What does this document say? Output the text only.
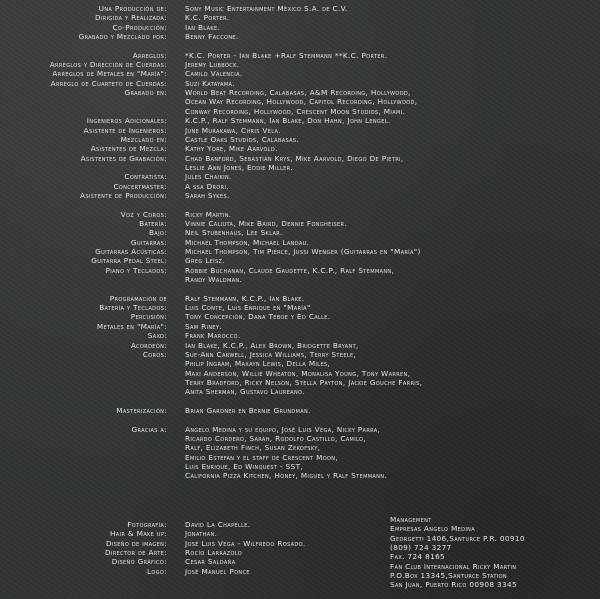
Una Producción de:	Sony Music Entertainment México S.A. de C.V.
Dirigida y Realizada:	K.C. Porter.
Co-Producción:	Ian Blake.
Grabado y Mezclado por:	Benny Faccone.
Arreglos:	*K.C. Porter - Ian Blake +Ralf Stemmann **K.C. Porter.
Arreglos y Dirección de Cuerdas:	Jeremy Lubbock.
Arreglos de Metales en "María":	Camilo Valencia.
Arreglo de Cuarteto de Cuerdas:	Suzi Katayama.
Grabado en:	World Beat Recording, Calabasas, A&M Recording, Hollywood,
Ocean Way Recording, Hollywood, Capitol Recording, Hollywood,
Conway Recording, Hollywood, Crescent Moon Studios, Miami.
Ingenieros Adicionales:	K.C.P., Ralf Stemmann, Ian Blake, Don Hahn, John Lengel.
Asistente de Ingenieros:	June Murakawa, Chris Vela.
Mezclado en:	Castle Oaks Studios, Calabasas.
Asistentes de Mezcla:	Kathy Yore, Mike Aarvold.
Asistentes de Grabación:	Chad Banford, Sebastián Krys, Mike Aarvold, Diego De Pietri,
Leslie Ann Jones, Eddie Miller.
Contratista:	Jules Chaikin.
Concertmaster:	A ssa Drori.
Asistente de Producción:	Sarah Sykes.
Voz y Coros:	Ricky Martin.
Batería:	Vinnie Caliuta, Mike Baird, Dennie Fongheiser.
Bajo:	Neil Stubenhaus, Lee Sklar.
Guitarras:	Michael Thompson, Michael Landau.
Guitarras Acústicas:	Michael Thompson, Tim Pierce, Jussi Wenger (Guitarras en "María")
Guitarra Pedal Steel:	Greg Leisz.
Piano y Teclados:	Robbie Buchanan, Claude Gaudette, K.C.P., Ralf Stemmann,
Randy Waldman.
Programación de	Ralf Stemmann, K.C.P., Ian Blake.
Batería y Teclados:	Luis Conte, Luis Enrique en "María"
Percusión:	Tony Concepción, Dana Teboe y Ed Calle.
Metales en "María":	Sam Riney.
Saxo:	Frank Marocco.
Acordeón:	Ian Blake, K.C.P., Alex Brown, Bridgette Bryant,
Coros:	Sue-Ann Carwell, Jessica Williams, Terry Steele,
Philip Ingram, Maxayn Lewis, Della Miles,
Maxi Anderson, Willie Wheaton, Monalisa Young, Tony Warren,
Terry Bradford, Ricky Nelson, Stella Payton, Jackie Gouche Farris,
Anita Sherman, Gustavo Laureano.
Masterización:	Brian Gardner en Bernie Grundman.
Gracias a:	Angelo Medina y su equipo, José Luis Vega, Nicky Parra,
Ricardo Cordero, Sarah, Rodolfo Castillo, Camilo,
Ralf, Elizabeth Finch, Susan Zekofsky,
Emilio Estefan y el staff de Crescent Moon,
Luis Enrique, Ed Winquest - SST,
California Pizza Kitchen, Honey, Miguel y Ralf Stemmann.
Fotografía:	David La Chapelle.
Hair & Make up:	Jonathan.
Diseño de imagen:	José Luis Vega - Wilfredo Rosado.
Director de Arte:	Rocío Larrazolo
Diseño Gráfico:	Cesar Saldaña
Logo:	José Manuel Ponce
Management
Empresas Angelo Medina
Georgetti 1406,Santurce P.R. 00910
(809) 724 3277
Fax. 724 8165
Fan Club Internacional Ricky Martin
P.O.Box 13345,Santurce Station
San Juan, Puerto Rico 00908 3345
